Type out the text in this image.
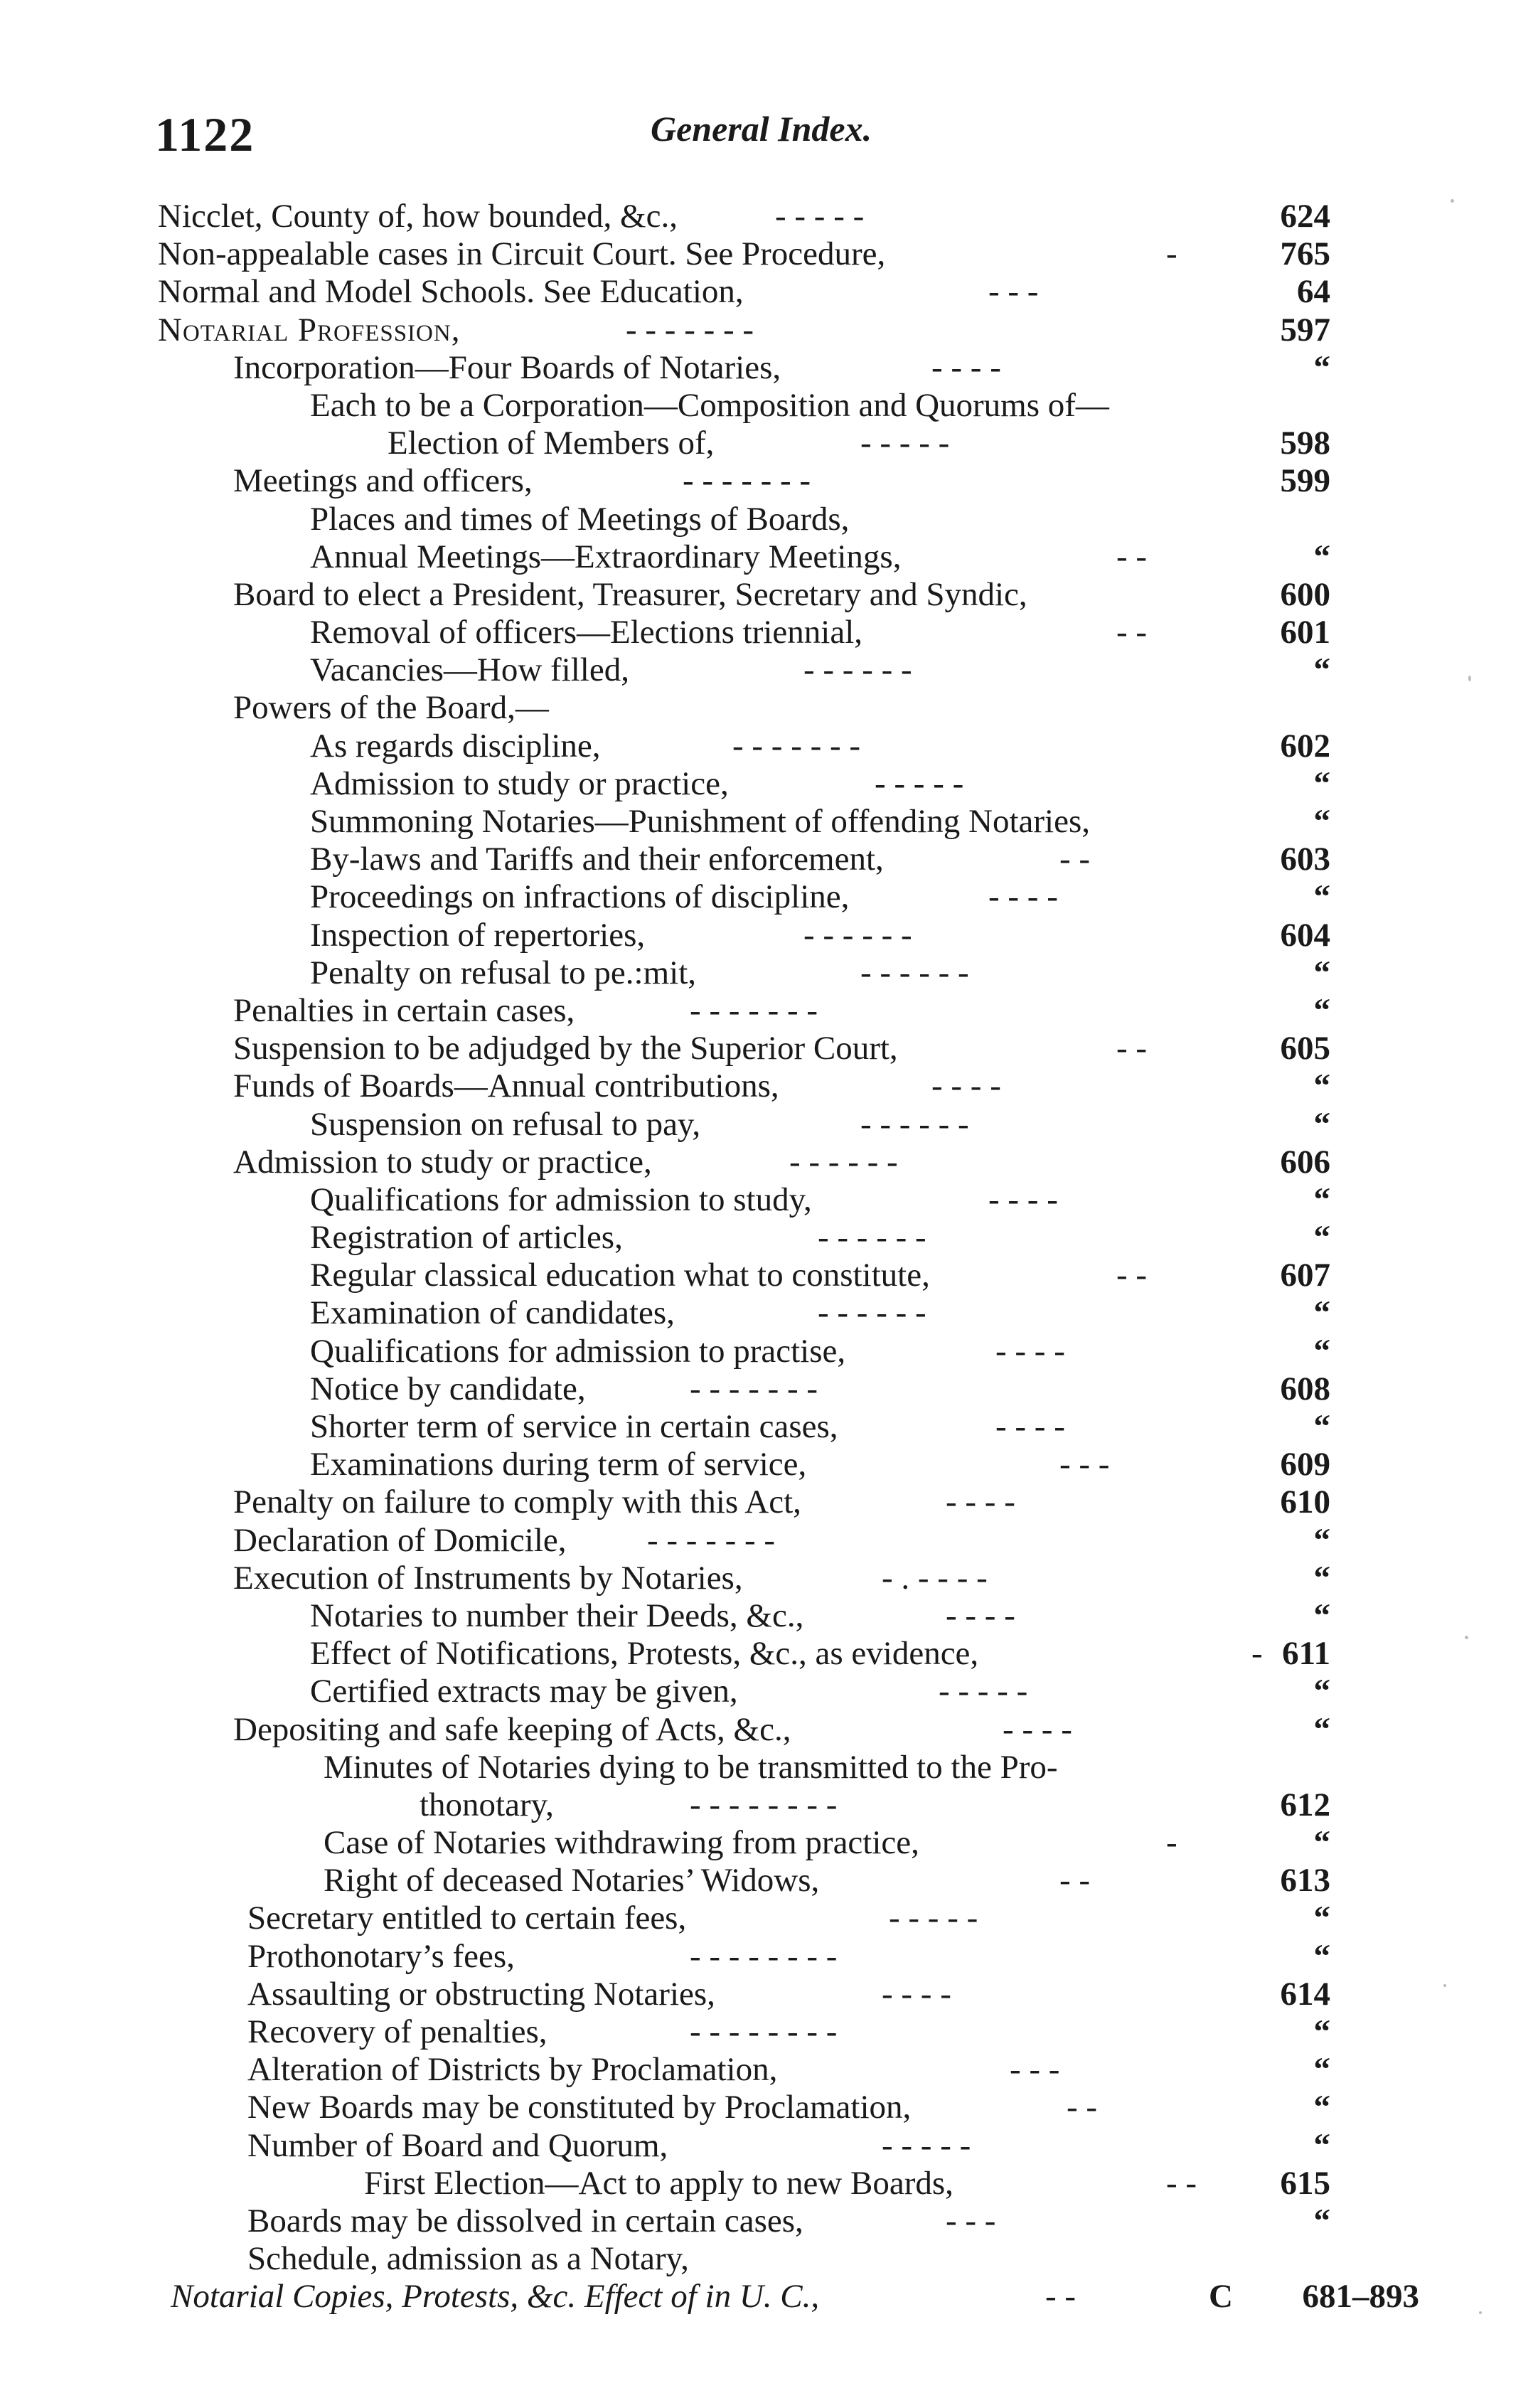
1122	General Index.
Nicclet, County of, how bounded, &c.,	- - - - -	624
Non-appealable cases in Circuit Court. See Procedure,	-	765
Normal and Model Schools. See Education,	- - -	64
Notarial Profession,	- - - - - - -	597
Incorporation—Four Boards of Notaries,	- - - -	“
Each to be a Corporation—Composition and Quorums of—
Election of Members of,	- - - - -	598
Meetings and officers,	- - - - - - -	599
Places and times of Meetings of Boards,
Annual Meetings—Extraordinary Meetings,	- -	“
Board to elect a President, Treasurer, Secretary and Syndic,	600
Removal of officers—Elections triennial,	- -	601
Vacancies—How filled,	- - - - - -	“
Powers of the Board,—
As regards discipline,	- - - - - - -	602
Admission to study or practice,	- - - - -	“
Summoning Notaries—Punishment of offending Notaries,	“
By-laws and Tariffs and their enforcement,	- -	603
Proceedings on infractions of discipline,	- - - -	“
Inspection of repertories,	- - - - - -	604
Penalty on refusal to pe.:mit,	- - - - - -	“
Penalties in certain cases,	- - - - - - -	“
Suspension to be adjudged by the Superior Court,	- -	605
Funds of Boards—Annual contributions,	- - - -	“
Suspension on refusal to pay,	- - - - - -	“
Admission to study or practice,	- - - - - -	606
Qualifications for admission to study,	- - - -	“
Registration of articles,	- - - - - -	“
Regular classical education what to constitute,	- -	607
Examination of candidates,	- - - - - -	“
Qualifications for admission to practise,	- - - -	“
Notice by candidate,	- - - - - - -	608
Shorter term of service in certain cases,	- - - -	“
Examinations during term of service,	- - -	609
Penalty on failure to comply with this Act,	- - - -	610
Declaration of Domicile, - - - - - - -	“
Execution of Instruments by Notaries,	- . - - - -	“
Notaries to number their Deeds, &c.,	- - - -	“
Effect of Notifications, Protests, &c., as evidence,	- 611
Certified extracts may be given,	- - - - -	“
Depositing and safe keeping of Acts, &c.,	- - - -	“
Minutes of Notaries dying to be transmitted to the Pro-
thonotary,	- - - - - - - -	612
Case of Notaries withdrawing from practice,	-	“
Right of deceased Notaries’ Widows,	- -	613
Secretary entitled to certain fees,	- - - - -	“
Prothonotary’s fees,	- - - - - - - -	“
Assaulting or obstructing Notaries,	- - - -	614
Recovery of penalties,	- - - - - - - -	“
Alteration of Districts by Proclamation,	- - -	“
New Boards may be constituted by Proclamation,	- -	“
Number of Board and Quorum,	- - - - -	“
First Election—Act to apply to new Boards,	- - 615
Boards may be dissolved in certain cases,	- - -	“
Schedule, admission as a Notary,
Notarial Copies, Protests, &c. Effect of in U. C.,	- -	C 681–893
